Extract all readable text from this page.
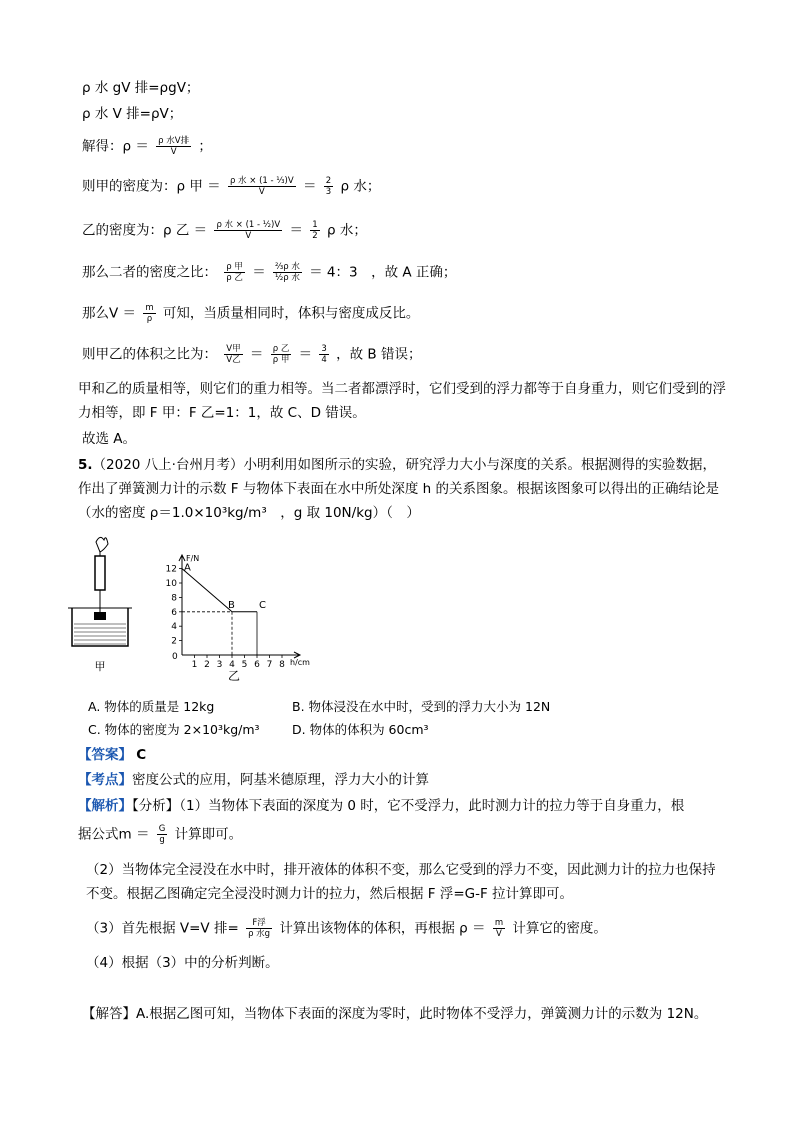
ρ 水 gV 排=ρgV；
ρ 水 V 排=ρV；
解得：$\rho = \frac{\text{ρ 水V排}}{V}$ ；
则甲的密度为：ρ 甲 ＝ $\frac{\text{ρ 水 × (1 - ⅓)V}}{V} = \frac{2}{3}$ ρ 水；
乙的密度为：ρ 乙 ＝ $\frac{\text{ρ 水 × (1 - ½)V}}{V} = \frac{1}{2}$ ρ 水；
那么二者的密度之比： $\frac{\text{ρ 甲}}{\text{ρ 乙}} = \frac{\text{⅔ρ 水}}{\text{½ρ 水}} = 4$：3　，故 A 正确；
那么$V = \frac{m}{\rho}$ 可知，当质量相同时，体积与密度成反比。
则甲乙的体积之比为： $\frac{\text{V甲}}{\text{V乙}} = \frac{\text{ρ 乙}}{\text{ρ 甲}} = \frac{3}{4}$ ，故 B 错误；
甲和乙的质量相等，则它们的重力相等。当二者都漂浮时，它们受到的浮力都等于自身重力，则它们受到的浮力相等，即 F 甲：F 乙=1：1，故 C、D 错误。
故选 A。
5.（2020 八上·台州月考）小明利用如图所示的实验，研究浮力大小与深度的关系。根据测得的实验数据，作出了弹簧测力计的示数 F 与物体下表面在水中所处深度 h 的关系图象。根据该图象可以得出的正确结论是（水的密度 ρ＝1.0×10³kg/m³　，g 取 10N/kg）（　）
甲
F/N
h/cm
0
12
10
8
6
4
2
1 2 3 4 5 6 7 8
A
B C
乙
A. 物体的质量是 12kg	B. 物体浸没在水中时，受到的浮力大小为 12N
C. 物体的密度为 2×10³kg/m³	D. 物体的体积为 60cm³
【答案】 C
【考点】密度公式的应用，阿基米德原理，浮力大小的计算
【解析】【分析】（1）当物体下表面的深度为 0 时，它不受浮力，此时测力计的拉力等于自身重力，根
据公式$m = \frac{G}{g}$ 计算即可。
（2）当物体完全浸没在水中时，排开液体的体积不变，那么它受到的浮力不变，因此测力计的拉力也保持不变。根据乙图确定完全浸没时测力计的拉力，然后根据 F 浮=G-F 拉计算即可。
（3）首先根据 V=V 排= $\frac{\text{F浮}}{\text{ρ 水g}}$ 计算出该物体的体积，再根据 $\rho = \frac{m}{V}$ 计算它的密度。
（4）根据（3）中的分析判断。
【解答】A.根据乙图可知，当物体下表面的深度为零时，此时物体不受浮力，弹簧测力计的示数为 12N。
